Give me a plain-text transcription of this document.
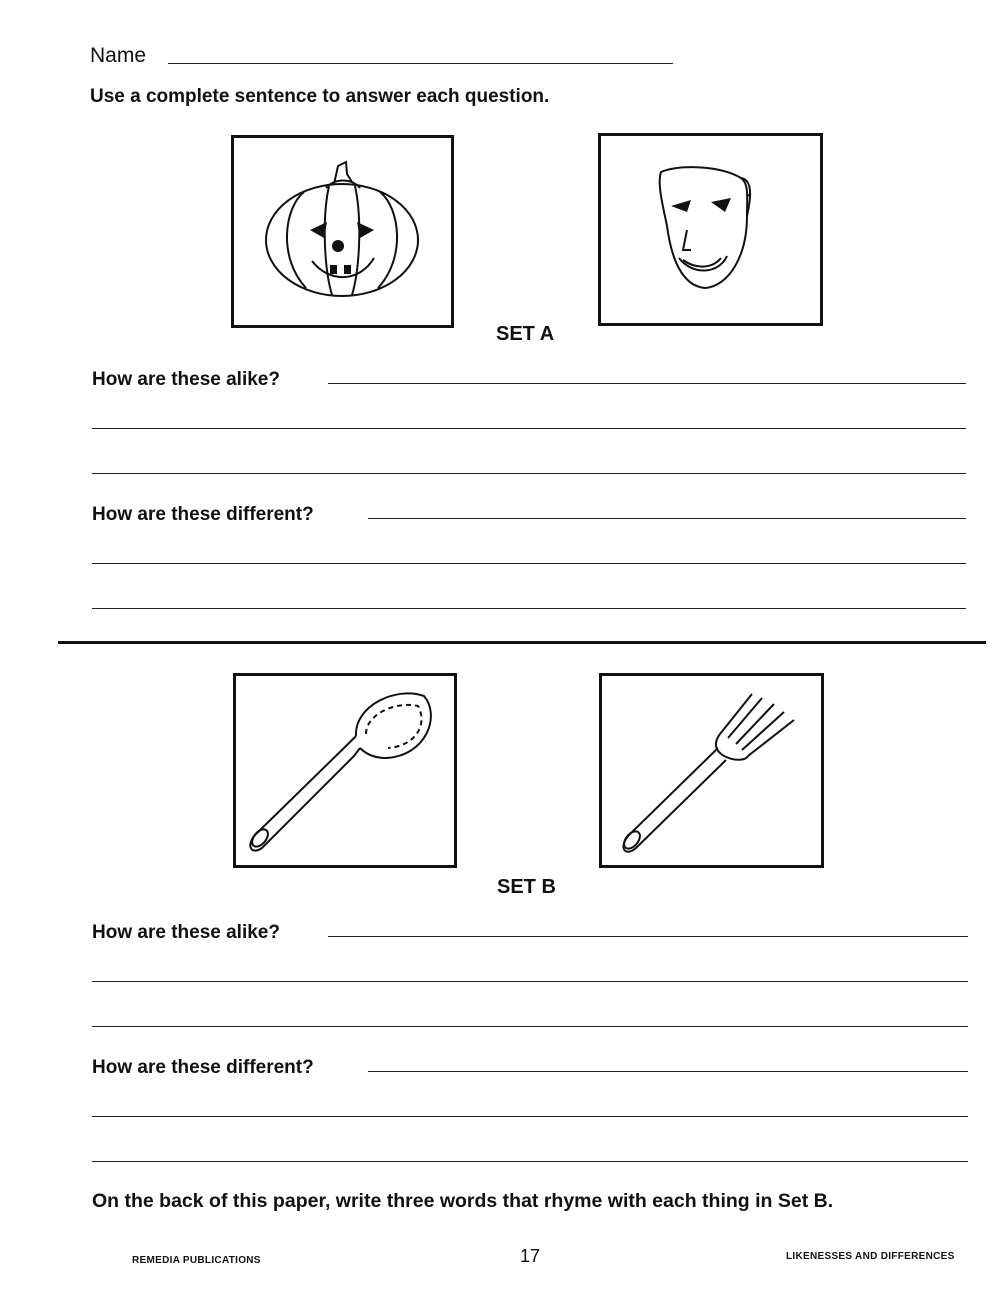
Name
Use a complete sentence to answer each question.
SET A
How are these alike?
How are these different?
SET B
How are these alike?
How are these different?
On the back of this paper, write three words that rhyme with each thing in Set B.
REMEDIA PUBLICATIONS	17	LIKENESSES AND DIFFERENCES
